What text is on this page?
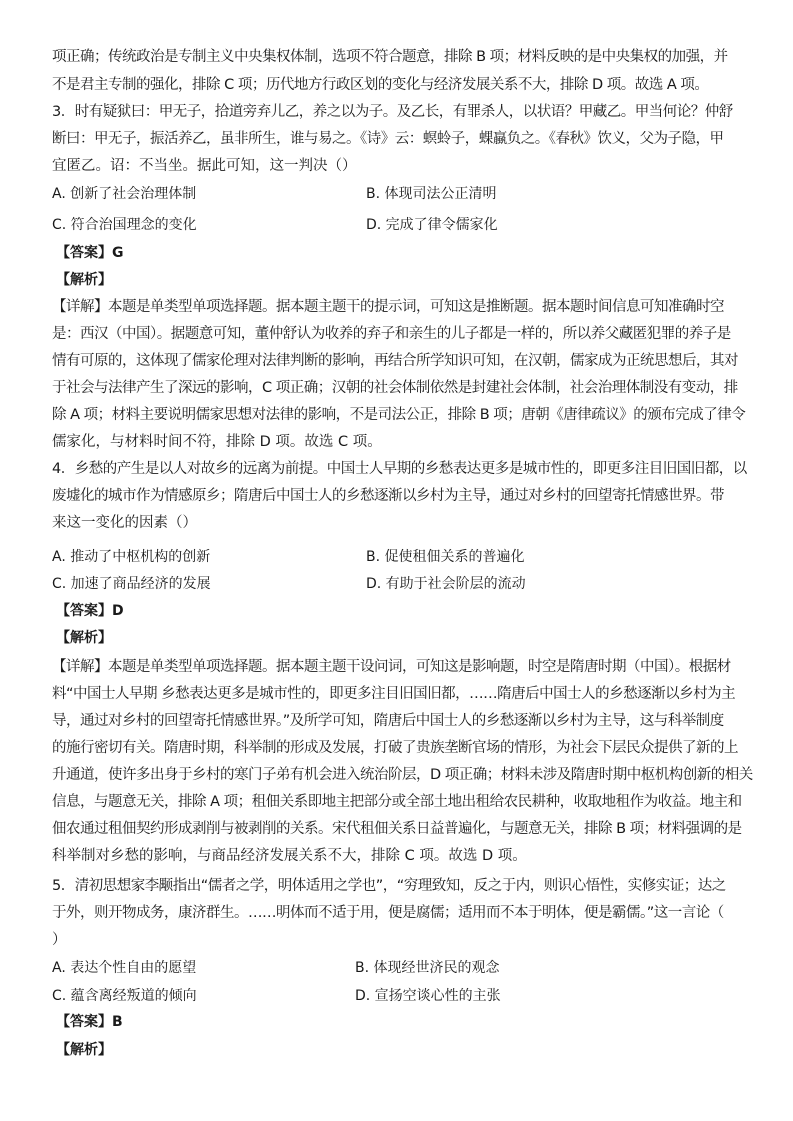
项正确；传统政治是专制主义中央集权体制，选项不符合题意，排除 B 项；材料反映的是中央集权的加强，并
不是君主专制的强化，排除 C 项；历代地方行政区划的变化与经济发展关系不大，排除 D 项。故选 A 项。
3．时有疑狱曰：甲无子，拾道旁弃儿乙，养之以为子。及乙长，有罪杀人，以状语？甲藏乙。甲当何论？仲舒
断曰：甲无子，振活养乙，虽非所生，谁与易之。《诗》云：螟蛉子，蜾蠃负之。《春秋》饮义，父为子隐，甲
宜匿乙。诏：不当坐。据此可知，这一判决（）
A. 创新了社会治理体制	B. 体现司法公正清明
C. 符合治国理念的变化	D. 完成了律令儒家化
【答案】G
【解析】
【详解】本题是单类型单项选择题。据本题主题干的提示词，可知这是推断题。据本题时间信息可知准确时空
是：西汉（中国）。据题意可知，董仲舒认为收养的弃子和亲生的儿子都是一样的，所以养父藏匿犯罪的养子是
情有可原的，这体现了儒家伦理对法律判断的影响，再结合所学知识可知，在汉朝，儒家成为正统思想后，其对
于社会与法律产生了深远的影响，C 项正确；汉朝的社会体制依然是封建社会体制，社会治理体制没有变动，排
除 A 项；材料主要说明儒家思想对法律的影响，不是司法公正，排除 B 项；唐朝《唐律疏议》的颁布完成了律令
儒家化，与材料时间不符，排除 D 项。故选 C 项。
4．乡愁的产生是以人对故乡的远离为前提。中国士人早期的乡愁表达更多是城市性的，即更多注目旧国旧都，以
废墟化的城市作为情感原乡；隋唐后中国士人的乡愁逐渐以乡村为主导，通过对乡村的回望寄托情感世界。带
来这一变化的因素（）
A. 推动了中枢机构的创新	B. 促使租佃关系的普遍化
C. 加速了商品经济的发展	D. 有助于社会阶层的流动
【答案】D
【解析】
【详解】本题是单类型单项选择题。据本题主题干设问词，可知这是影响题，时空是隋唐时期（中国）。根据材
料“中国士人早期 乡愁表达更多是城市性的，即更多注目旧国旧都，……隋唐后中国士人的乡愁逐渐以乡村为主
导，通过对乡村的回望寄托情感世界。”及所学可知，隋唐后中国士人的乡愁逐渐以乡村为主导，这与科举制度
的施行密切有关。隋唐时期，科举制的形成及发展，打破了贵族垄断官场的情形，为社会下层民众提供了新的上
升通道，使许多出身于乡村的寒门子弟有机会进入统治阶层，D 项正确；材料未涉及隋唐时期中枢机构创新的相关
信息，与题意无关，排除 A 项；租佃关系即地主把部分或全部土地出租给农民耕种，收取地租作为收益。地主和
佃农通过租佃契约形成剥削与被剥削的关系。宋代租佃关系日益普遍化，与题意无关，排除 B 项；材料强调的是
科举制对乡愁的影响，与商品经济发展关系不大，排除 C 项。故选 D 项。
5．清初思想家李颙指出“儒者之学，明体适用之学也”，“穷理致知，反之于内，则识心悟性，实修实证；达之
于外，则开物成务，康济群生。……明体而不适于用，便是腐儒；适用而不本于明体，便是霸儒。”这一言论（
）
A. 表达个性自由的愿望	B. 体现经世济民的观念
C. 蕴含离经叛道的倾向	D. 宣扬空谈心性的主张
【答案】B
【解析】
